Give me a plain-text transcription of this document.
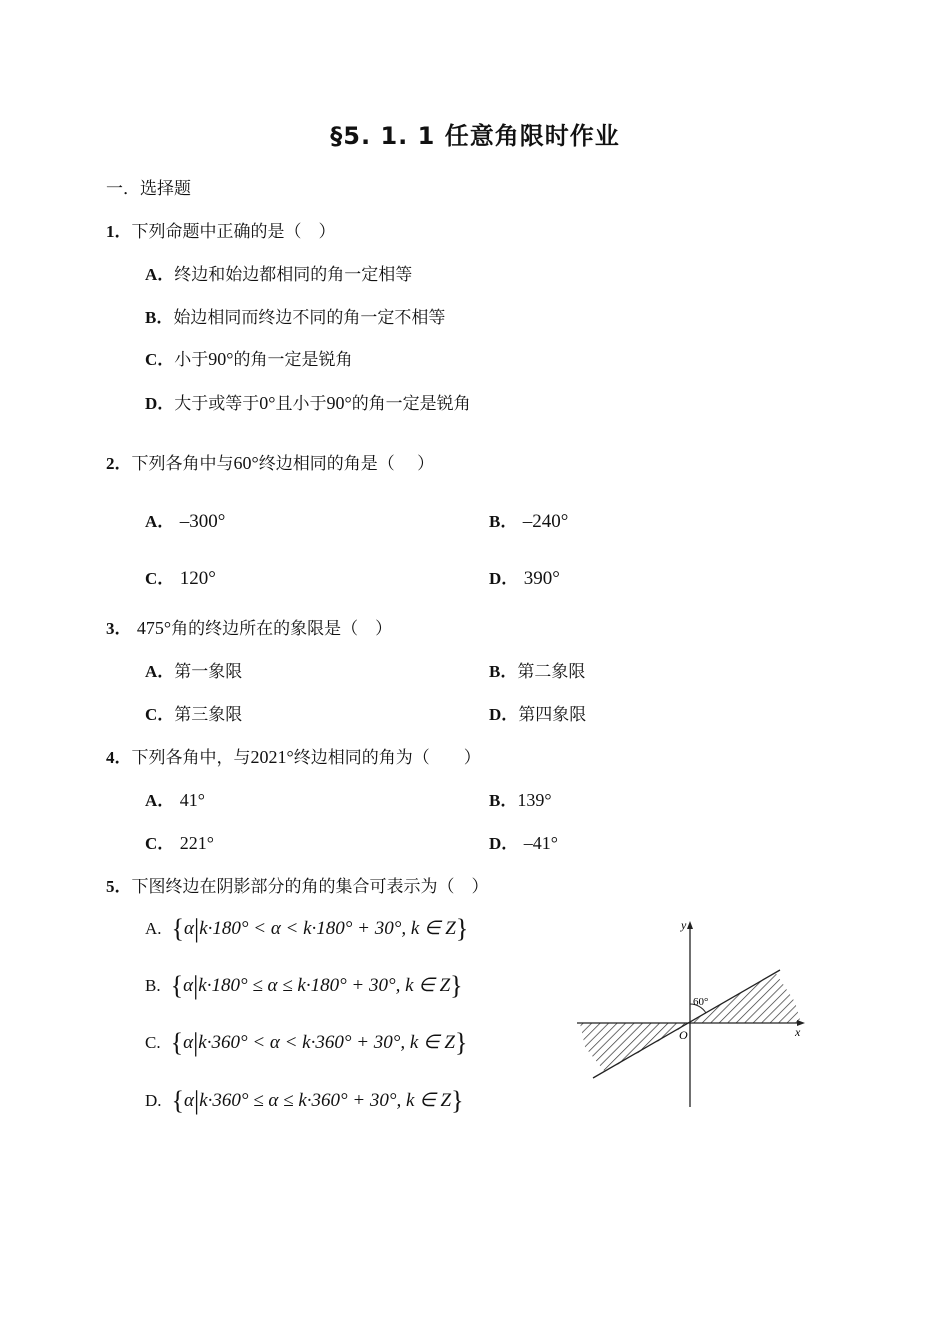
§5. 1. 1 任意角限时作业
一．选择题
1．下列命题中正确的是（　）
A．终边和始边都相同的角一定相等
B．始边相同而终边不同的角一定不相等
C．小于90°的角一定是锐角
D．大于或等于0°且小于90°的角一定是锐角
2．下列各角中与60°终边相同的角是（　 ）
A． –300°	B． –240°
C． 120°	D． 390°
3． 475°角的终边所在的象限是（　）
A．第一象限	B．第二象限
C．第三象限	D．第四象限
4．下列各角中，与2021°终边相同的角为（　　）
A． 41°	B．139°
C． 221°	D． –41°
5．下图终边在阴影部分的角的集合可表示为（　）
A. {α|k·180° < α < k·180° + 30°, k ∈ Z}
B. {α|k·180° ≤ α ≤ k·180° + 30°, k ∈ Z}
C. {α|k·360° < α < k·360° + 30°, k ∈ Z}
D. {α|k·360° ≤ α ≤ k·360° + 30°, k ∈ Z}
y
x
O
60°
